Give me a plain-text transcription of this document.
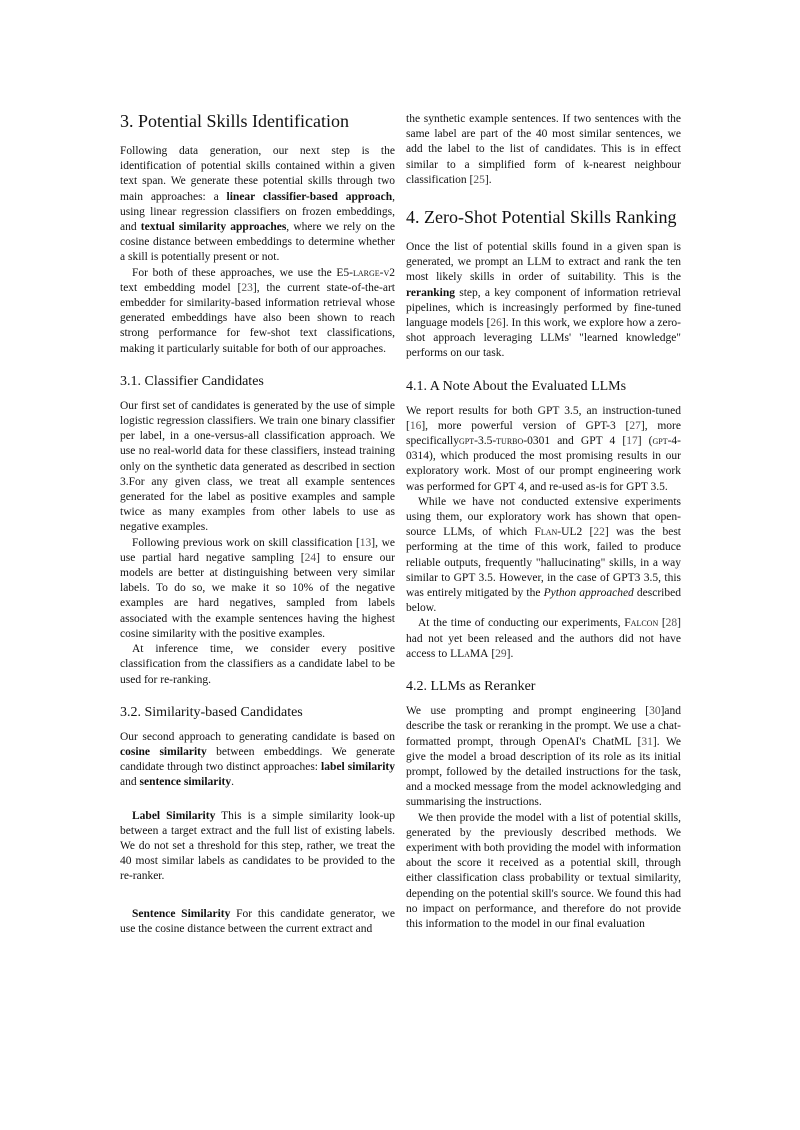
3. Potential Skills Identification

Following data generation, our next step is the identification of potential skills contained within a given text span. We generate these potential skills through two main approaches: a linear classifier-based approach, using linear regression classifiers on frozen embeddings, and textual similarity approaches, where we rely on the cosine distance between embeddings to determine whether a skill is potentially present or not.

For both of these approaches, we use the E5-large-v2 text embedding model [23], the current state-of-the-art embedder for similarity-based information retrieval whose generated embeddings have also been shown to reach strong performance for few-shot text classifications, making it particularly suitable for both of our approaches.

3.1. Classifier Candidates

Our first set of candidates is generated by the use of simple logistic regression classifiers. We train one binary classifier per label, in a one-versus-all classification approach. We use no real-world data for these classifiers, instead training only on the synthetic data generated as described in section 3.For any given class, we treat all example sentences generated for the label as positive examples and sample twice as many examples from other labels to use as negative examples.

Following previous work on skill classification [13], we use partial hard negative sampling [24] to ensure our models are better at distinguishing between very similar labels. To do so, we make it so 10% of the negative examples are hard negatives, sampled from labels associated with the example sentences having the highest cosine similarity with the positive examples.

At inference time, we consider every positive classification from the classifiers as a candidate label to be used for re-ranking.

3.2. Similarity-based Candidates

Our second approach to generating candidate is based on cosine similarity between embeddings. We generate candidate through two distinct approaches: label similarity and sentence similarity.

Label Similarity This is a simple similarity look-up between a target extract and the full list of existing labels. We do not set a threshold for this step, rather, we treat the 40 most similar labels as candidates to be provided to the re-ranker.

Sentence Similarity For this candidate generator, we use the cosine distance between the current extract and

the synthetic example sentences. If two sentences with the same label are part of the 40 most similar sentences, we add the label to the list of candidates. This is in effect similar to a simplified form of k-nearest neighbour classification [25].

4. Zero-Shot Potential Skills Ranking

Once the list of potential skills found in a given span is generated, we prompt an LLM to extract and rank the ten most likely skills in order of suitability. This is the reranking step, a key component of information retrieval pipelines, which is increasingly performed by fine-tuned language models [26]. In this work, we explore how a zero-shot approach leveraging LLMs' "learned knowledge" performs on our task.

4.1. A Note About the Evaluated LLMs

We report results for both GPT 3.5, an instruction-tuned [16], more powerful version of GPT-3 [27], more specificallygpt-3.5-turbo-0301 and GPT 4 [17] (gpt-4-0314), which produced the most promising results in our exploratory work. Most of our prompt engineering work was performed for GPT 4, and re-used as-is for GPT 3.5.

While we have not conducted extensive experiments using them, our exploratory work has shown that open-source LLMs, of which Flan-UL2 [22] was the best performing at the time of this work, failed to produce reliable outputs, frequently "hallucinating" skills, in a way similar to GPT 3.5. However, in the case of GPT3 3.5, this was entirely mitigated by the Python approached described below.

At the time of conducting our experiments, Falcon [28] had not yet been released and the authors did not have access to LLaMA [29].

4.2. LLMs as Reranker

We use prompting and prompt engineering [30]and describe the task or reranking in the prompt. We use a chat-formatted prompt, through OpenAI's ChatML [31]. We give the model a broad description of its role as its initial prompt, followed by the detailed instructions for the task, and a mocked message from the model acknowledging and summarising the instructions.

We then provide the model with a list of potential skills, generated by the previously described methods. We experiment with both providing the model with information about the score it received as a potential skill, through either classification class probability or textual similarity, depending on the potential skill's source. We found this had no impact on performance, and therefore do not provide this information to the model in our final evaluation
